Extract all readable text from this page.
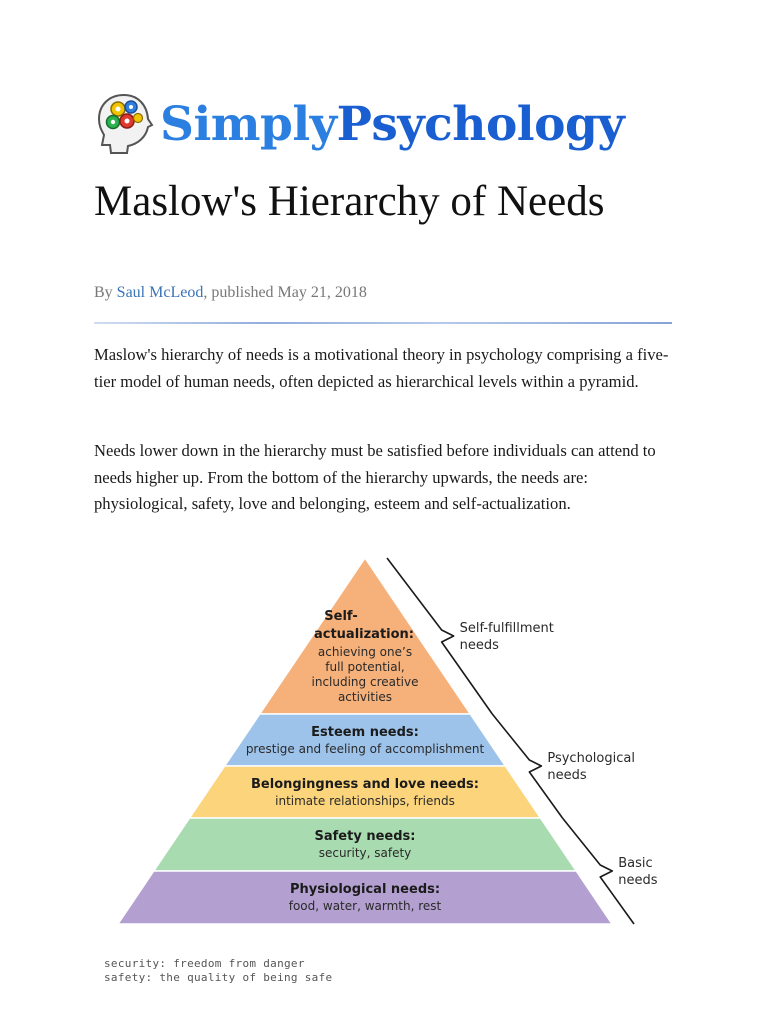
SimplyPsychology
Maslow's Hierarchy of Needs
By Saul McLeod, published May 21, 2018

Maslow's hierarchy of needs is a motivational theory in psychology comprising a five-tier model of human needs, often depicted as hierarchical levels within a pyramid.

Needs lower down in the hierarchy must be satisfied before individuals can attend to needs higher up. From the bottom of the hierarchy upwards, the needs are: physiological, safety, love and belonging, esteem and self-actualization.

Self-
actualization:
achieving one’s
full potential,
including creative
activities
Esteem needs:
prestige and feeling of accomplishment
Belongingness and love needs:
intimate relationships, friends
Safety needs:
security, safety
Physiological needs:
food, water, warmth, rest
Self-fulfillment
needs
Psychological
needs
Basic
needs
security: freedom from danger
safety: the quality of being safe
